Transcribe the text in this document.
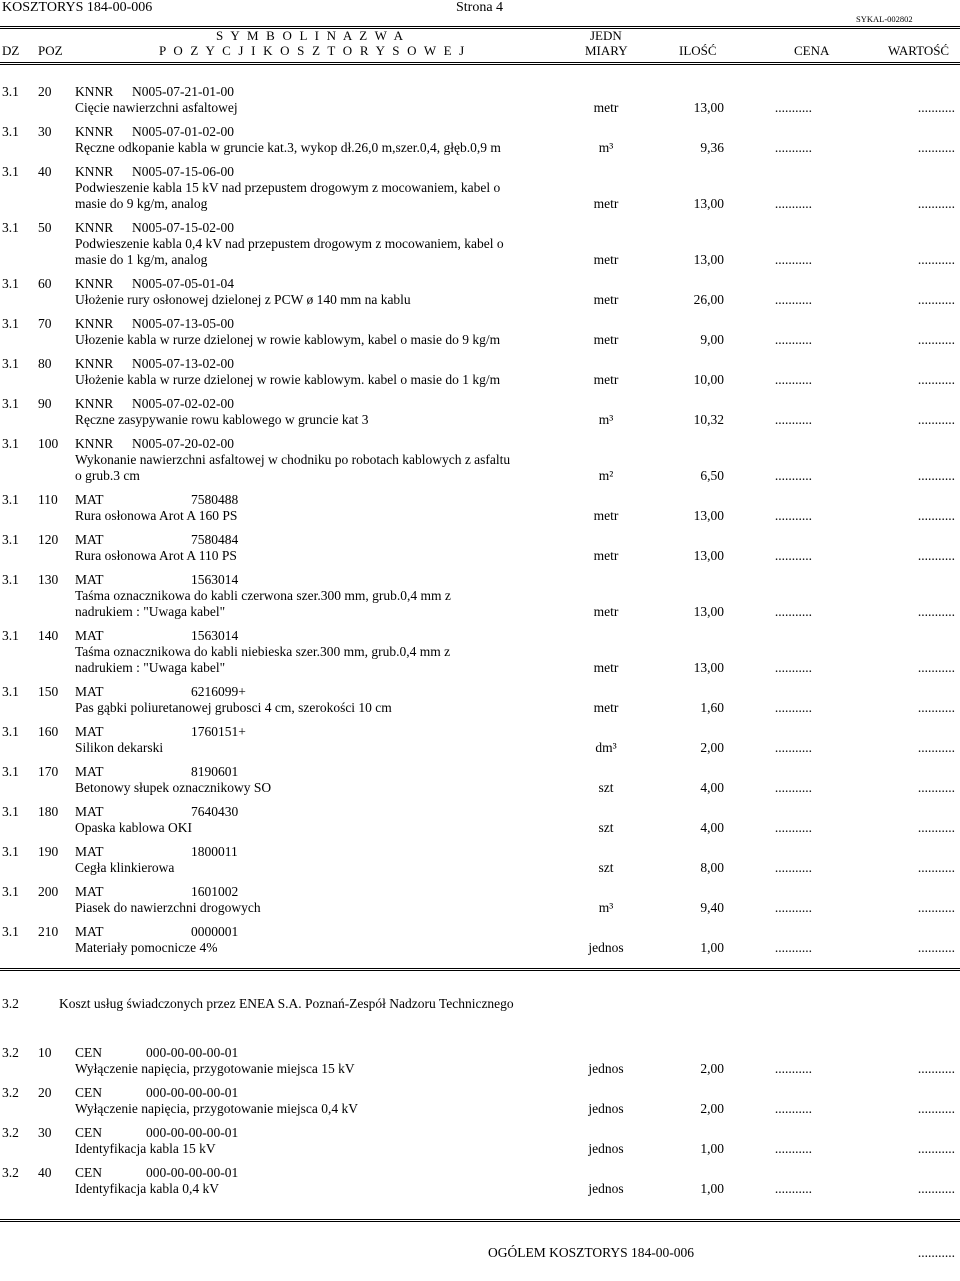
KOSZTORYS 184-00-006	Strona 4
SYKAL-002802
DZ POZ
S Y M B O L I N A Z W A
P O Z Y C J I K O S Z T O R Y S O W E J
JEDN
MIARY	ILOŚĆ	CENA	WARTOŚĆ
3.1 20 KNNR N005-07-21-01-00
Cięcie nawierzchni asfaltowej	metr	13,00	...........	...........
3.1 30 KNNR N005-07-01-02-00
Ręczne odkopanie kabla w gruncie kat.3, wykop dł.26,0 m,szer.0,4, głęb.0,9 m	m³	9,36	...........	...........
3.1 40 KNNR N005-07-15-06-00
Podwieszenie kabla 15 kV nad przepustem drogowym z mocowaniem, kabel o
masie do 9 kg/m, analog	metr	13,00	...........	...........
3.1 50 KNNR N005-07-15-02-00
Podwieszenie kabla 0,4 kV nad przepustem drogowym z mocowaniem, kabel o
masie do 1 kg/m, analog	metr	13,00	...........	...........
3.1 60 KNNR N005-07-05-01-04
Ułożenie rury osłonowej dzielonej z PCW ø 140 mm na kablu	metr	26,00	...........	...........
3.1 70 KNNR N005-07-13-05-00
Ułozenie kabla w rurze dzielonej w rowie kablowym, kabel o masie do 9 kg/m	metr	9,00	...........	...........
3.1 80 KNNR N005-07-13-02-00
Ułożenie kabla w rurze dzielonej w rowie kablowym. kabel o masie do 1 kg/m	metr	10,00	...........	...........
3.1 90 KNNR N005-07-02-02-00
Ręczne zasypywanie rowu kablowego w gruncie kat 3	m³	10,32	...........	...........
3.1 100 KNNR N005-07-20-02-00
Wykonanie nawierzchni asfaltowej w chodniku po robotach kablowych z asfaltu
o grub.3 cm	m²	6,50	...........	...........
3.1 110 MAT	7580488
Rura osłonowa Arot A 160 PS	metr	13,00	...........	...........
3.1 120 MAT	7580484
Rura osłonowa Arot A 110 PS	metr	13,00	...........	...........
3.1 130 MAT	1563014
Taśma oznacznikowa do kabli czerwona szer.300 mm, grub.0,4 mm z
nadrukiem : "Uwaga kabel"	metr	13,00	...........	...........
3.1 140 MAT	1563014
Taśma oznacznikowa do kabli niebieska szer.300 mm, grub.0,4 mm z
nadrukiem : "Uwaga kabel"	metr	13,00	...........	...........
3.1 150 MAT	6216099+
Pas gąbki poliuretanowej grubosci 4 cm, szerokości 10 cm	metr	1,60	...........	...........
3.1 160 MAT	1760151+
Silikon dekarski	dm³	2,00	...........	...........
3.1 170 MAT	8190601
Betonowy słupek oznacznikowy SO	szt	4,00	...........	...........
3.1 180 MAT	7640430
Opaska kablowa OKI	szt	4,00	...........	...........
3.1 190 MAT	1800011
Cegła klinkierowa	szt	8,00	...........	...........
3.1 200 MAT	1601002
Piasek do nawierzchni drogowych	m³	9,40	...........	...........
3.1 210 MAT	0000001
Materiały pomocnicze 4%	jednos	1,00	...........	...........
3.2	Koszt usług świadczonych przez ENEA S.A. Poznań-Zespół Nadzoru Technicznego
3.2 10 CEN	000-00-00-00-01
Wyłączenie napięcia, przygotowanie miejsca 15 kV	jednos	2,00	...........	...........
3.2 20 CEN	000-00-00-00-01
Wyłączenie napięcia, przygotowanie miejsca 0,4 kV	jednos	2,00	...........	...........
3.2 30 CEN	000-00-00-00-01
Identyfikacja kabla 15 kV	jednos	1,00	...........	...........
3.2 40 CEN	000-00-00-00-01
Identyfikacja kabla 0,4 kV	jednos	1,00	...........	...........
OGÓLEM KOSZTORYS 184-00-006	...........
